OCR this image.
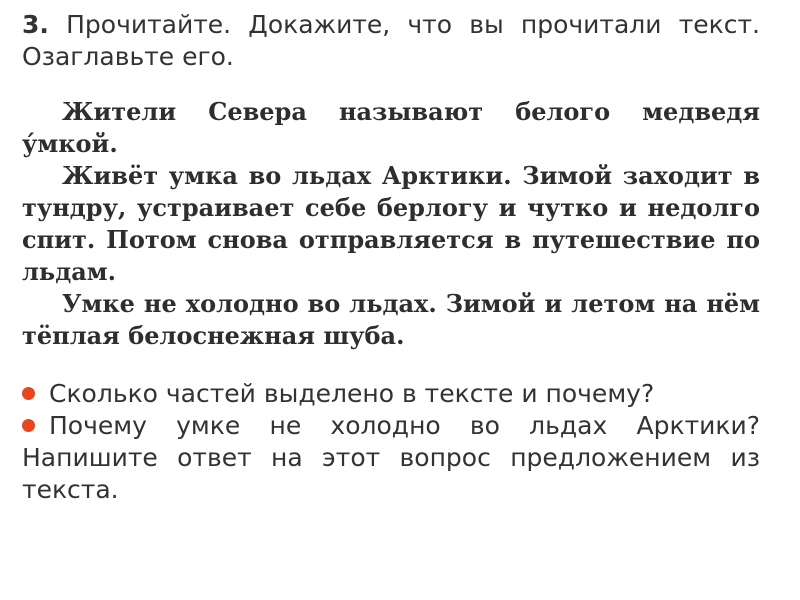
3. Прочитайте. Докажите, что вы прочитали текст. Озаглавьте его.

Жители Севера называют белого медведя у́мкой.

Живёт умка во льдах Арктики. Зимой заходит в тундру, устраивает себе берлогу и чутко и недолго спит. Потом снова отправляется в путешествие по льдам.

Умке не холодно во льдах. Зимой и летом на нём тёплая белоснежная шуба.

Сколько частей выделено в тексте и почему?

Почему умке не холодно во льдах Арктики? Напишите ответ на этот вопрос предложением из текста.
